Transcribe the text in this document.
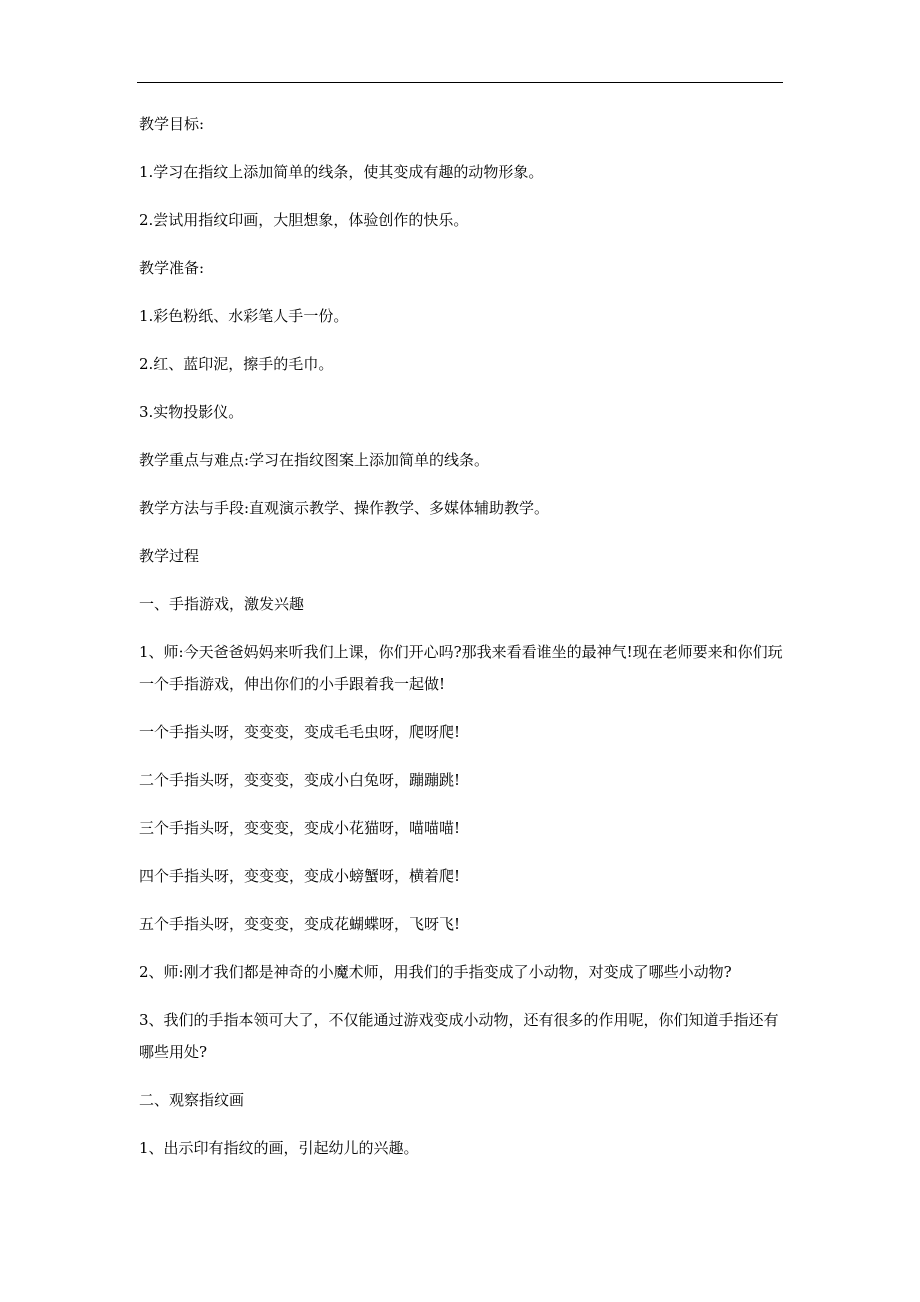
教学目标:

1.学习在指纹上添加简单的线条，使其变成有趣的动物形象。

2.尝试用指纹印画，大胆想象，体验创作的快乐。

教学准备:

1.彩色粉纸、水彩笔人手一份。

2.红、蓝印泥，擦手的毛巾。

3.实物投影仪。

教学重点与难点:学习在指纹图案上添加简单的线条。

教学方法与手段:直观演示教学、操作教学、多媒体辅助教学。

教学过程

一、手指游戏，激发兴趣

1、师:今天爸爸妈妈来听我们上课，你们开心吗?那我来看看谁坐的最神气!现在老师要来和你们玩一个手指游戏，伸出你们的小手跟着我一起做!

一个手指头呀，变变变，变成毛毛虫呀，爬呀爬!

二个手指头呀，变变变，变成小白兔呀，蹦蹦跳!

三个手指头呀，变变变，变成小花猫呀，喵喵喵!

四个手指头呀，变变变，变成小螃蟹呀，横着爬!

五个手指头呀，变变变，变成花蝴蝶呀，飞呀飞!

2、师:刚才我们都是神奇的小魔术师，用我们的手指变成了小动物，对变成了哪些小动物?

3、我们的手指本领可大了，不仅能通过游戏变成小动物，还有很多的作用呢，你们知道手指还有哪些用处?

二、观察指纹画

1、出示印有指纹的画，引起幼儿的兴趣。
